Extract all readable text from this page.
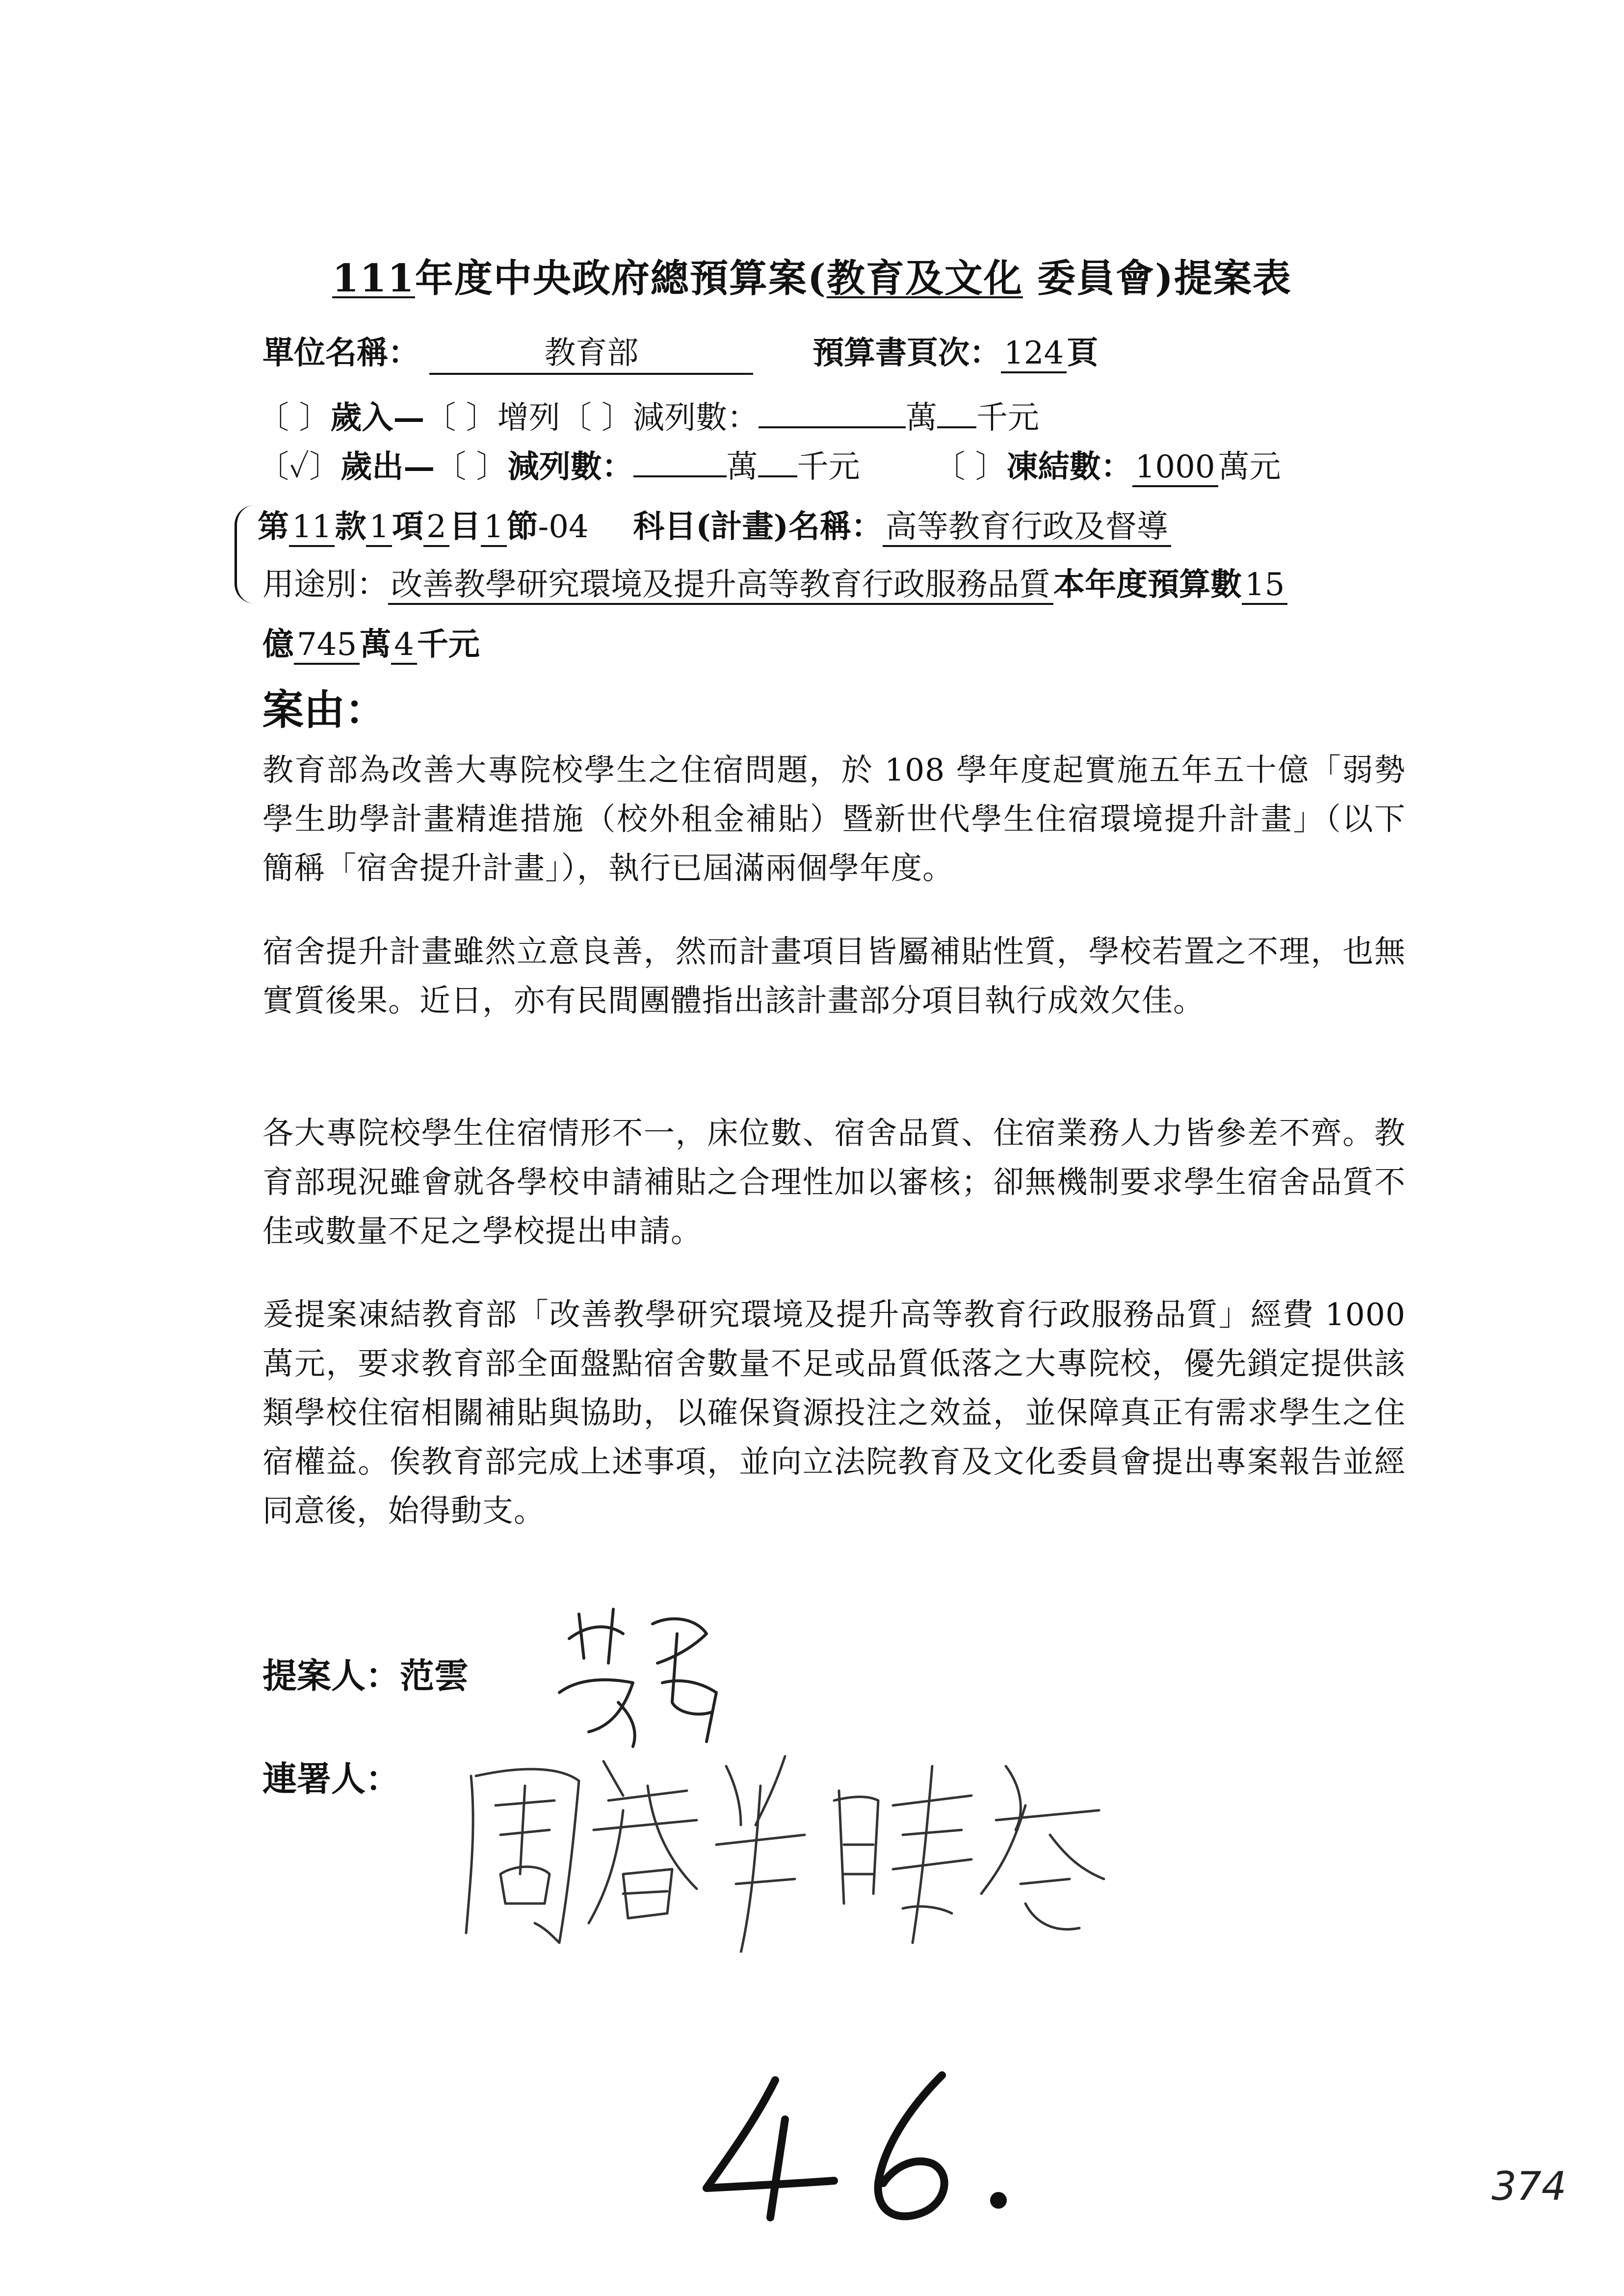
111年度中央政府總預算案(教育及文化 委員會)提案表
單位名稱：	教育部	預算書頁次：124頁
〔 〕歲入—〔 〕增列〔 〕減列數：	萬 千元
〔✓〕歲出—〔 〕減列數：	萬 千元 〔 〕凍結數：1000萬元
第11款1項2目1節-04 科目(計畫)名稱：高等教育行政及督導
用途別：改善教學研究環境及提升高等教育行政服務品質本年度預算數15
億745萬4千元
案由：
教育部為改善大專院校學生之住宿問題，於 108 學年度起實施五年五十億「弱勢學生助學計畫精進措施（校外租金補貼）暨新世代學生住宿環境提升計畫」（以下簡稱「宿舍提升計畫」），執行已屆滿兩個學年度。
宿舍提升計畫雖然立意良善，然而計畫項目皆屬補貼性質，學校若置之不理，也無實質後果。近日，亦有民間團體指出該計畫部分項目執行成效欠佳。
各大專院校學生住宿情形不一，床位數、宿舍品質、住宿業務人力皆參差不齊。教育部現況雖會就各學校申請補貼之合理性加以審核；卻無機制要求學生宿舍品質不佳或數量不足之學校提出申請。
爰提案凍結教育部「改善教學研究環境及提升高等教育行政服務品質」經費 1000 萬元，要求教育部全面盤點宿舍數量不足或品質低落之大專院校，優先鎖定提供該類學校住宿相關補貼與協助，以確保資源投注之效益，並保障真正有需求學生之住宿權益。俟教育部完成上述事項，並向立法院教育及文化委員會提出專案報告並經同意後，始得動支。
提案人：范雲
連署人：
46.
374
